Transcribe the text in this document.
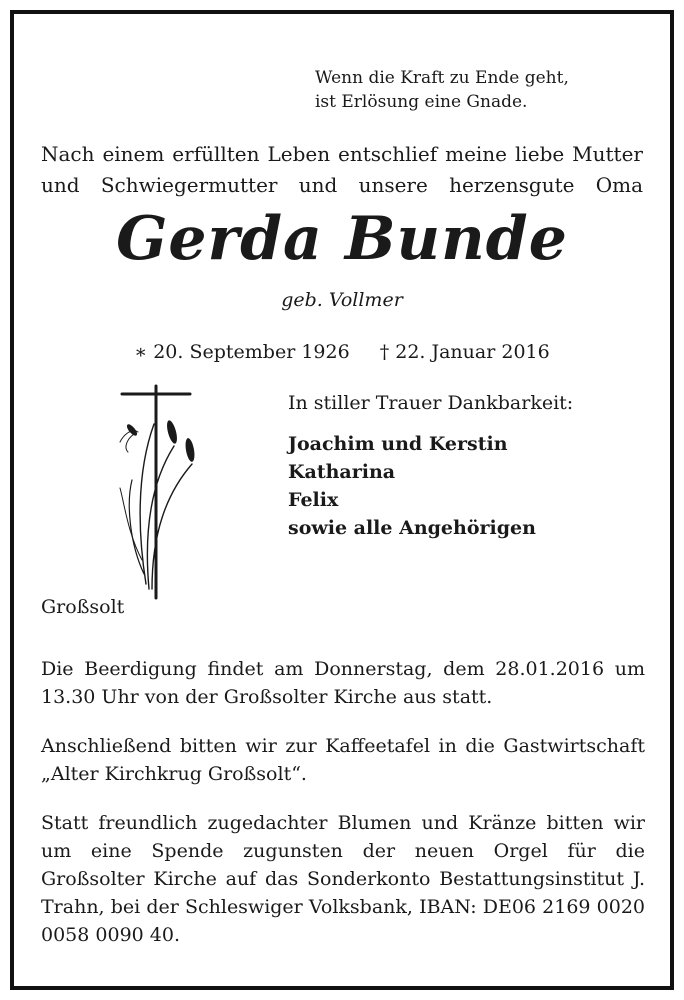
Wenn die Kraft zu Ende geht,
ist Erlösung eine Gnade.
Nach einem erfüllten Leben entschlief meine liebe Mutter und Schwiegermutter und unsere herzensgute Oma
Gerda Bunde
geb. Vollmer
∗ 20. September 1926 † 22. Januar 2016
In stiller Trauer Dankbarkeit:
Joachim und Kerstin
Katharina
Felix
sowie alle Angehörigen
Großsolt
Die Beerdigung findet am Donnerstag, dem 28.01.2016 um 13.30 Uhr von der Großsolter Kirche aus statt.
Anschließend bitten wir zur Kaffeetafel in die Gastwirtschaft „Alter Kirchkrug Großsolt“.
Statt freundlich zugedachter Blumen und Kränze bitten wir um eine Spende zugunsten der neuen Orgel für die Großsolter Kirche auf das Sonderkonto Bestattungsinstitut J. Trahn, bei der Schleswiger Volksbank, IBAN: DE06 2169 0020 0058 0090 40.
